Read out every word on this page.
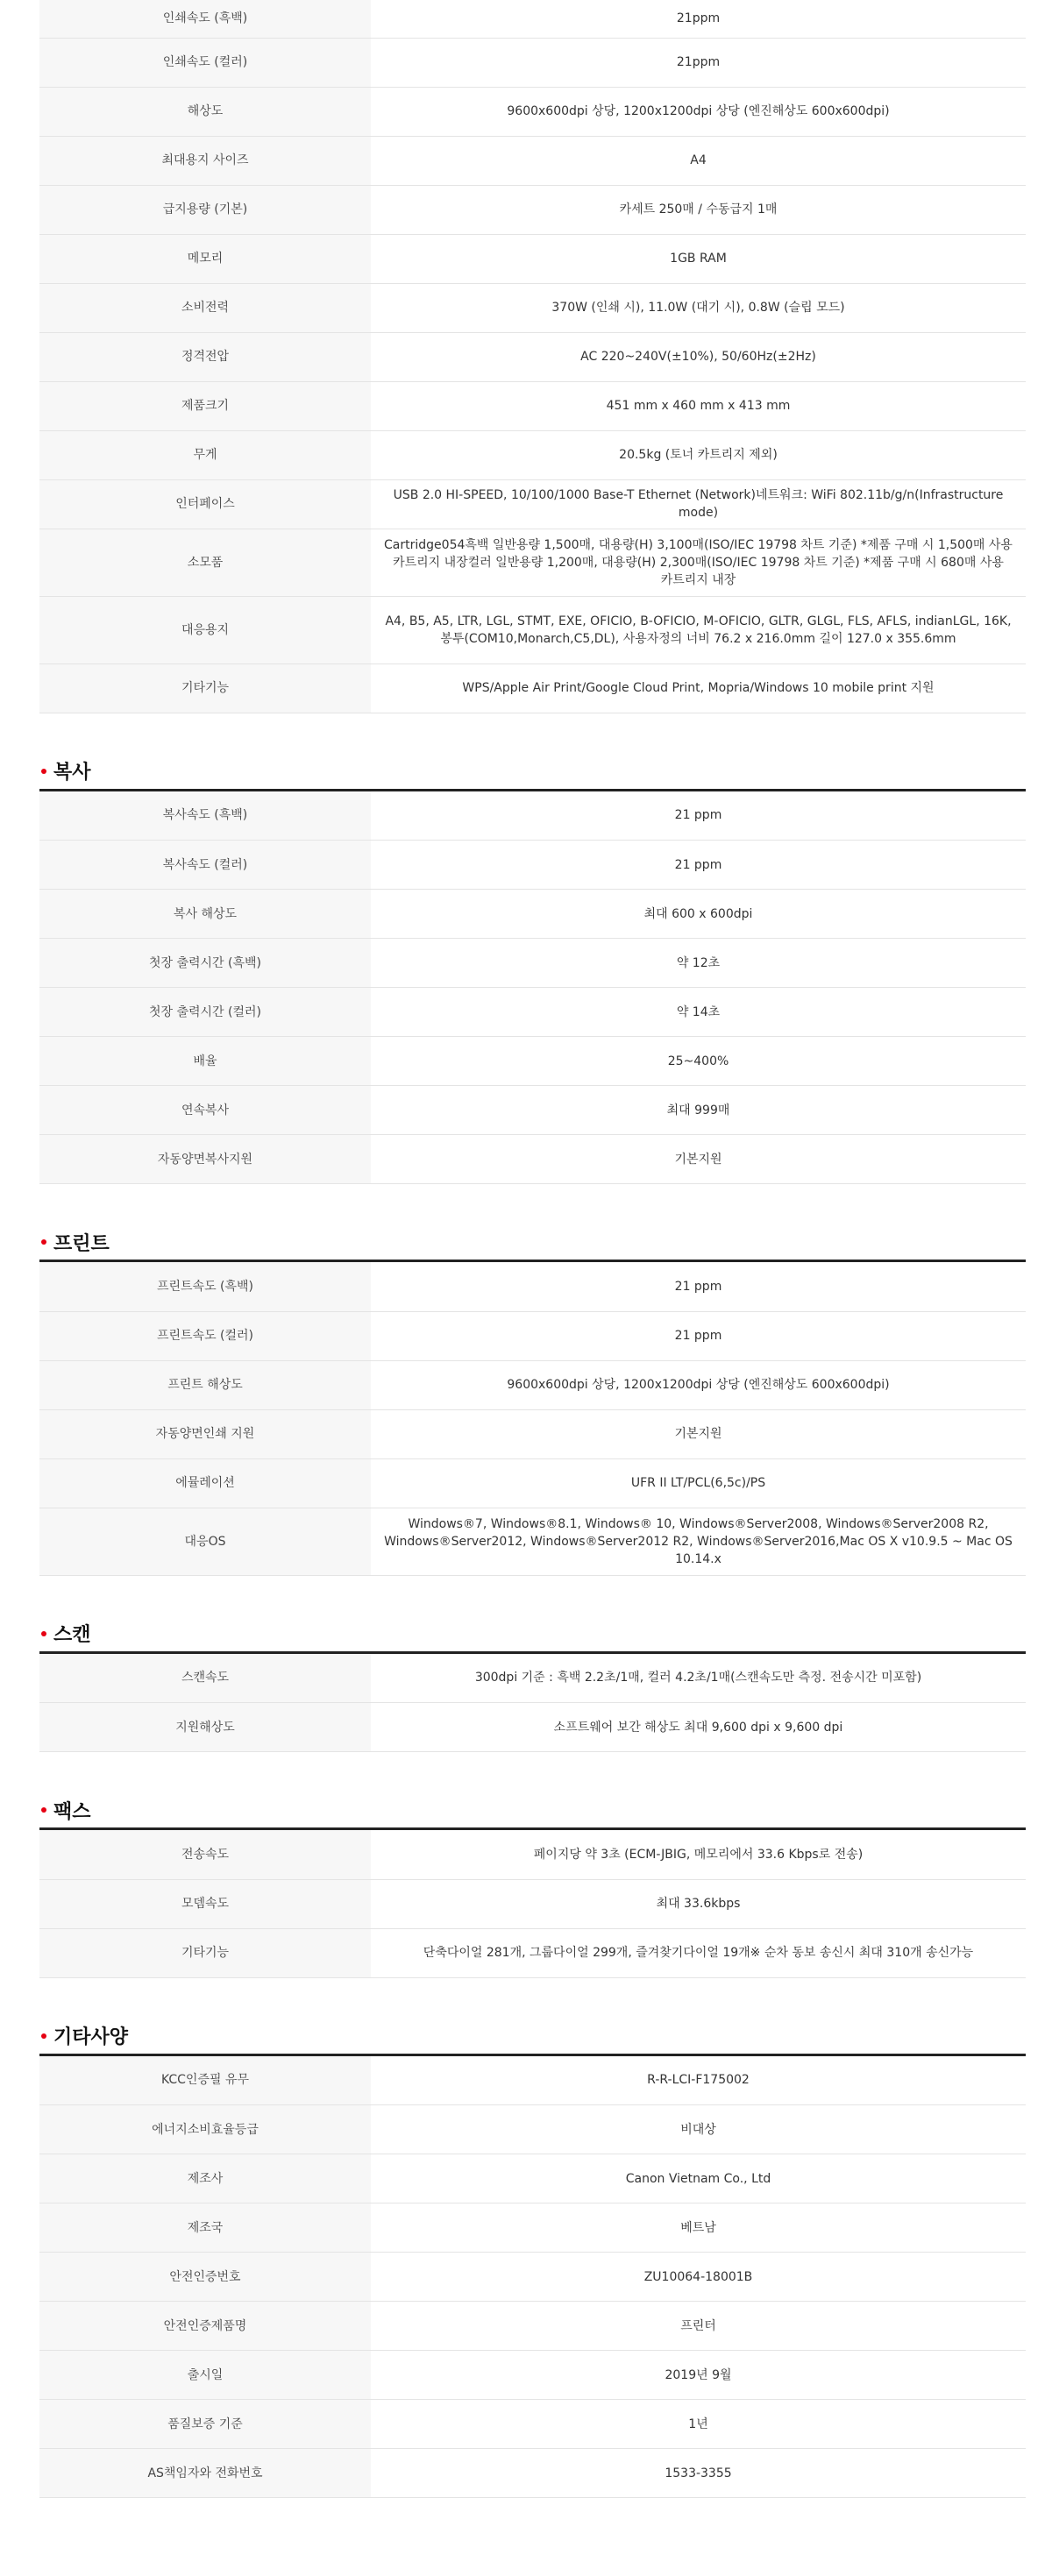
인쇄속도 (흑백)	21ppm
인쇄속도 (컬러)	21ppm
해상도	9600x600dpi 상당, 1200x1200dpi 상당 (엔진해상도 600x600dpi)
최대용지 사이즈	A4
급지용량 (기본)	카세트 250매 / 수동급지 1매
메모리	1GB RAM
소비전력	370W (인쇄 시), 11.0W (대기 시), 0.8W (슬립 모드)
정격전압	AC 220~240V(±10%), 50/60Hz(±2Hz)
제품크기	451 mm x 460 mm x 413 mm
무게	20.5kg (토너 카트리지 제외)
인터페이스	USB 2.0 HI-SPEED, 10/100/1000 Base-T Ethernet (Network)네트워크: WiFi 802.11b/g/n(Infrastructure mode)
소모품	Cartridge054흑백 일반용량 1,500매, 대용량(H) 3,100매(ISO/IEC 19798 차트 기준) *제품 구매 시 1,500매 사용 카트리지 내장컬러 일반용량 1,200매, 대용량(H) 2,300매(ISO/IEC 19798 차트 기준) *제품 구매 시 680매 사용 카트리지 내장
대응용지	A4, B5, A5, LTR, LGL, STMT, EXE, OFICIO, B-OFICIO, M-OFICIO, GLTR, GLGL, FLS, AFLS, indianLGL, 16K, 봉투(COM10,Monarch,C5,DL), 사용자정의 너비 76.2 x 216.0mm 길이 127.0 x 355.6mm
기타기능	WPS/Apple Air Print/Google Cloud Print, Mopria/Windows 10 mobile print 지원
복사
복사속도 (흑백)	21 ppm
복사속도 (컬러)	21 ppm
복사 해상도	최대 600 x 600dpi
첫장 출력시간 (흑백)	약 12초
첫장 출력시간 (컬러)	약 14초
배율	25~400%
연속복사	최대 999매
자동양면복사지원	기본지원
프린트
프린트속도 (흑백)	21 ppm
프린트속도 (컬러)	21 ppm
프린트 해상도	9600x600dpi 상당, 1200x1200dpi 상당 (엔진해상도 600x600dpi)
자동양면인쇄 지원	기본지원
에뮬레이션	UFR II LT/PCL(6,5c)/PS
대응OS	Windows®7, Windows®8.1, Windows® 10, Windows®Server2008, Windows®Server2008 R2, Windows®Server2012, Windows®Server2012 R2, Windows®Server2016,Mac OS X v10.9.5 ~ Mac OS 10.14.x
스캔
스캔속도	300dpi 기준 : 흑백 2.2초/1매, 컬러 4.2초/1매(스캔속도만 측정. 전송시간 미포함)
지원해상도	소프트웨어 보간 해상도 최대 9,600 dpi x 9,600 dpi
팩스
전송속도	페이지당 약 3초 (ECM-JBIG, 메모리에서 33.6 Kbps로 전송)
모뎀속도	최대 33.6kbps
기타기능	단축다이얼 281개, 그룹다이얼 299개, 즐겨찾기다이얼 19개※ 순차 동보 송신시 최대 310개 송신가능
기타사양
KCC인증필 유무	R-R-LCI-F175002
에너지소비효율등급	비대상
제조사	Canon Vietnam Co., Ltd
제조국	베트남
안전인증번호	ZU10064-18001B
안전인증제품명	프린터
출시일	2019년 9월
품질보증 기준	1년
AS책임자와 전화번호	1533-3355
